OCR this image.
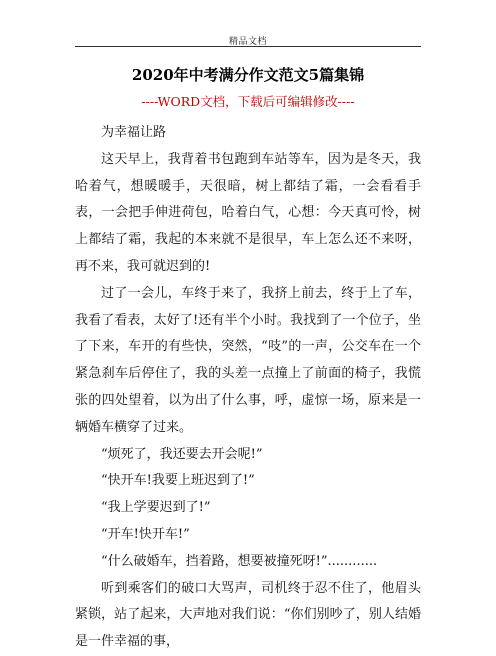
精品文档
2020年中考满分作文范文5篇集锦
----WORD文档，下载后可编辑修改----

为幸福让路

这天早上，我背着书包跑到车站等车，因为是冬天，我哈着气，想暖暖手，天很暗，树上都结了霜，一会看看手表，一会把手伸进荷包，哈着白气，心想：今天真可怜，树上都结了霜，我起的本来就不是很早，车上怎么还不来呀，再不来，我可就迟到的!

过了一会儿，车终于来了，我挤上前去，终于上了车，我看了看表，太好了!还有半个小时。我找到了一个位子，坐了下来，车开的有些快，突然，“吱”的一声，公交车在一个紧急刹车后停住了，我的头差一点撞上了前面的椅子，我慌张的四处望着，以为出了什么事，呼，虚惊一场，原来是一辆婚车横穿了过来。

“烦死了，我还要去开会呢!”

“快开车!我要上班迟到了!”

“我上学要迟到了!”

“开车!快开车!”

“什么破婚车，挡着路，想要被撞死呀!”............

听到乘客们的破口大骂声，司机终于忍不住了，他眉头紧锁，站了起来，大声地对我们说：“你们别吵了，别人结婚是一件幸福的事，
